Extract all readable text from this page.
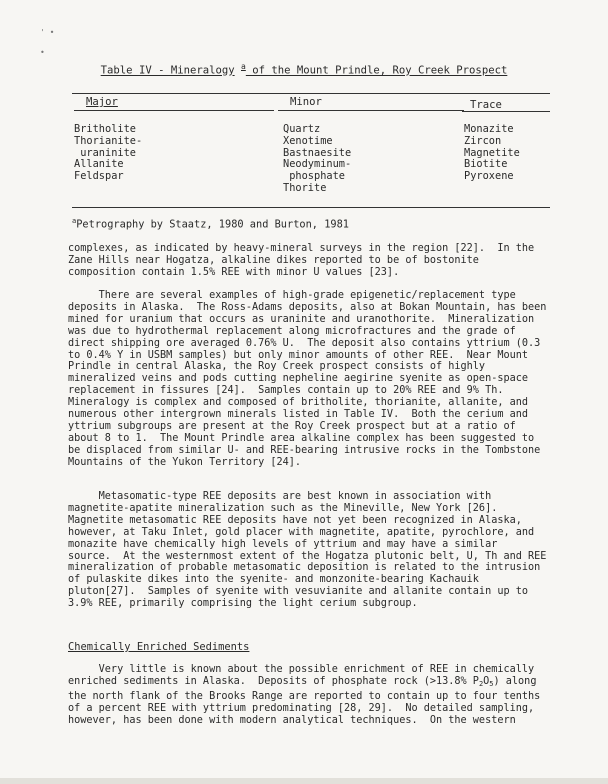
' •

•
Table IV - Mineralogy $^a$ of the Mount Prindle, Roy Creek Prospect
Major	Minor	Trace
Britholite
Thorianite-
uraninite
Allanite
Feldspar
Quartz
Xenotime
Bastnaesite
Neodyminum-
phosphate
Thorite
Monazite
Zircon
Magnetite
Biotite
Pyroxene
$^a$Petrography by Staatz, 1980 and Burton, 1981
complexes, as indicated by heavy-mineral surveys in the region [22].  In the
Zane Hills near Hogatza, alkaline dikes reported to be of bostonite
composition contain 1.5% REE with minor U values [23].
There are several examples of high-grade epigenetic/replacement type
deposits in Alaska.  The Ross-Adams deposits, also at Bokan Mountain, has been
mined for uranium that occurs as uraninite and uranothorite.  Mineralization
was due to hydrothermal replacement along microfractures and the grade of
direct shipping ore averaged 0.76% U.  The deposit also contains yttrium (0.3
to 0.4% Y in USBM samples) but only minor amounts of other REE.  Near Mount
Prindle in central Alaska, the Roy Creek prospect consists of highly
mineralized veins and pods cutting nepheline aegirine syenite as open-space
replacement in fissures [24].  Samples contain up to 20% REE and 9% Th.
Mineralogy is complex and composed of britholite, thorianite, allanite, and
numerous other intergrown minerals listed in Table IV.  Both the cerium and
yttrium subgroups are present at the Roy Creek prospect but at a ratio of
about 8 to 1.  The Mount Prindle area alkaline complex has been suggested to
be displaced from similar U- and REE-bearing intrusive rocks in the Tombstone
Mountains of the Yukon Territory [24].
Metasomatic-type REE deposits are best known in association with
magnetite-apatite mineralization such as the Mineville, New York [26].
Magnetite metasomatic REE deposits have not yet been recognized in Alaska,
however, at Taku Inlet, gold placer with magnetite, apatite, pyrochlore, and
monazite have chemically high levels of yttrium and may have a similar
source.  At the westernmost extent of the Hogatza plutonic belt, U, Th and REE
mineralization of probable metasomatic deposition is related to the intrusion
of pulaskite dikes into the syenite- and monzonite-bearing Kachauik
pluton[27].  Samples of syenite with vesuvianite and allanite contain up to
3.9% REE, primarily comprising the light cerium subgroup.
Chemically Enriched Sediments
Very little is known about the possible enrichment of REE in chemically
enriched sediments in Alaska.  Deposits of phosphate rock (>13.8% $P_2O_5$) along
the north flank of the Brooks Range are reported to contain up to four tenths
of a percent REE with yttrium predominating [28, 29].  No detailed sampling,
however, has been done with modern analytical techniques.  On the western
